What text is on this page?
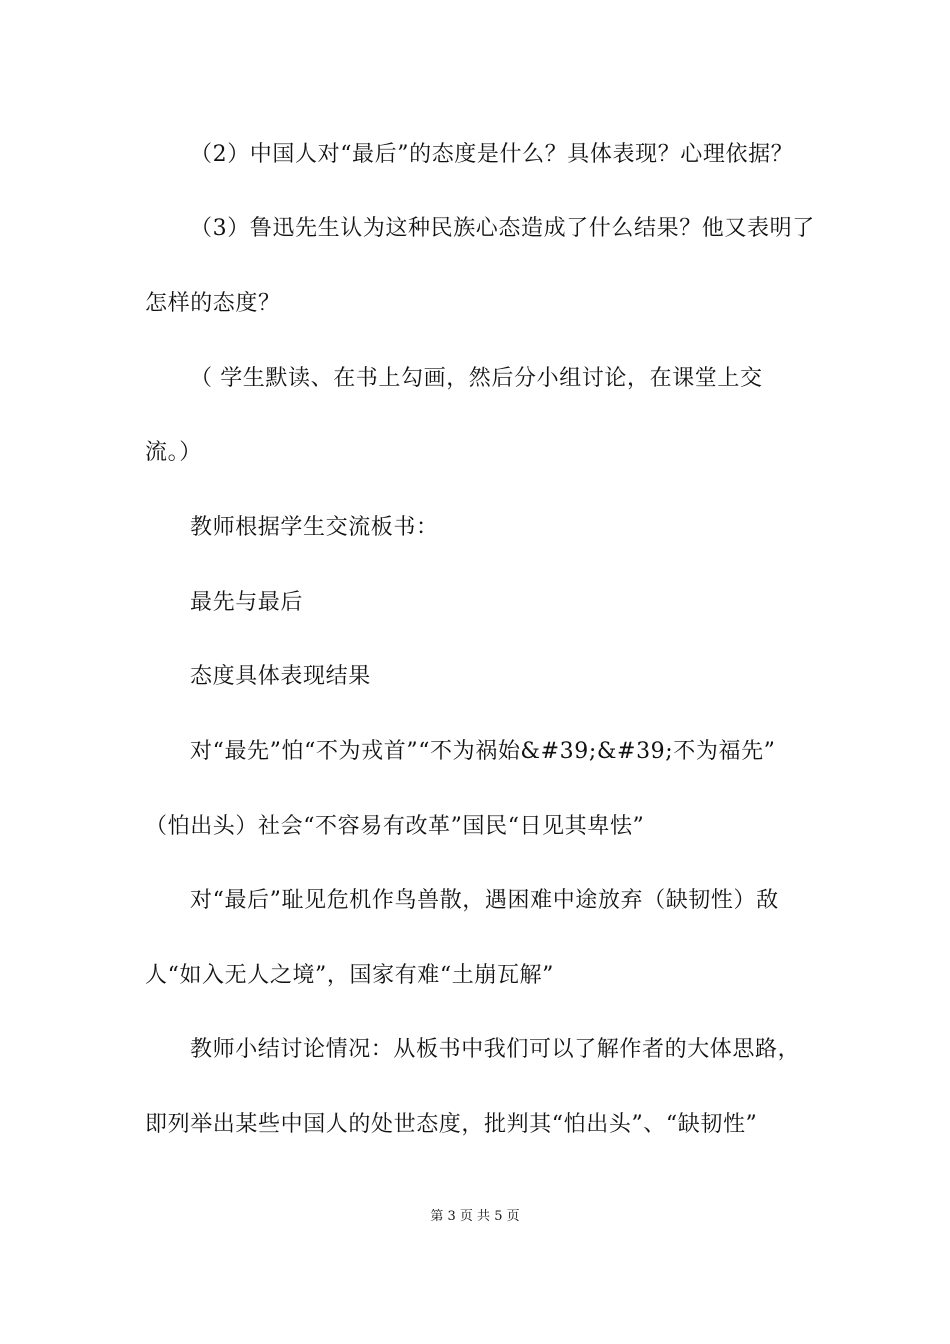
（2）中国人对“最后”的态度是什么？具体表现？心理依据？
（3）鲁迅先生认为这种民族心态造成了什么结果？他又表明了
怎样的态度？
（ 学生默读、在书上勾画，然后分小组讨论，在课堂上交
流。）
教师根据学生交流板书：
最先与最后
态度具体表现结果
对“最先”怕“不为戎首”“不为祸始&#39;&#39;不为福先”
（怕出头）社会“不容易有改革”国民“日见其卑怯”
对“最后”耻见危机作鸟兽散，遇困难中途放弃（缺韧性）敌
人“如入无人之境”，国家有难“土崩瓦解”
教师小结讨论情况：从板书中我们可以了解作者的大体思路，
即列举出某些中国人的处世态度，批判其“怕出头”、“缺韧性”
第 3 页 共 5 页
